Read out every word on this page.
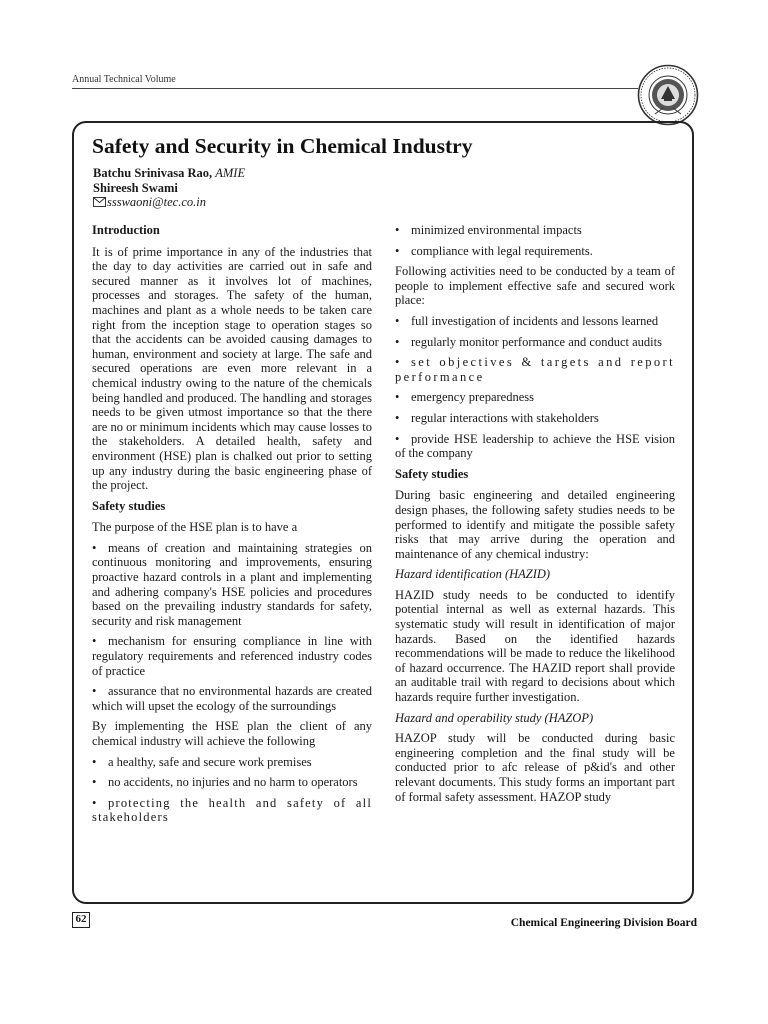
Annual Technical Volume
Safety and Security in Chemical Industry
Batchu Srinivasa Rao, AMIE
Shireesh Swami
ssswaoni@tec.co.in
Introduction

It is of prime importance in any of the industries that the day to day activities are carried out in safe and secured manner as it involves lot of machines, processes and storages. The safety of the human, machines and plant as a whole needs to be taken care right from the inception stage to operation stages so that the accidents can be avoided causing damages to human, environment and society at large. The safe and secured operations are even more relevant in a chemical industry owing to the nature of the chemicals being handled and produced. The handling and storages needs to be given utmost importance so that the there are no or minimum incidents which may cause losses to the stakeholders. A detailed health, safety and environment (HSE) plan is chalked out prior to setting up any industry during the basic engineering phase of the project.

Safety studies

The purpose of the HSE plan is to have a

• means of creation and maintaining strategies on continuous monitoring and improvements, ensuring proactive hazard controls in a plant and implementing and adhering company's HSE policies and procedures based on the prevailing industry standards for safety, security and risk management
• mechanism for ensuring compliance in line with regulatory requirements and referenced industry codes of practice
• assurance that no environmental hazards are created which will upset the ecology of the surroundings

By implementing the HSE plan the client of any chemical industry will achieve the following

• a healthy, safe and secure work premises
• no accidents, no injuries and no harm to operators
• protecting the health and safety of all stakeholders
• minimized environmental impacts
• compliance with legal requirements.

Following activities need to be conducted by a team of people to implement effective safe and secured work place:

• full investigation of incidents and lessons learned
• regularly monitor performance and conduct audits
• set objectives & targets and report performance
• emergency preparedness
• regular interactions with stakeholders
• provide HSE leadership to achieve the HSE vision of the company
Safety studies

During basic engineering and detailed engineering design phases, the following safety studies needs to be performed to identify and mitigate the possible safety risks that may arrive during the operation and maintenance of any chemical industry:

Hazard identification (HAZID)

HAZID study needs to be conducted to identify potential internal as well as external hazards. This systematic study will result in identification of major hazards. Based on the identified hazards recommendations will be made to reduce the likelihood of hazard occurrence. The HAZID report shall provide an auditable trail with regard to decisions about which hazards require further investigation.

Hazard and operability study (HAZOP)

HAZOP study will be conducted during basic engineering completion and the final study will be conducted prior to afc release of p&id's and other relevant documents. This study forms an important part of formal safety assessment. HAZOP study

62	Chemical Engineering Division Board
